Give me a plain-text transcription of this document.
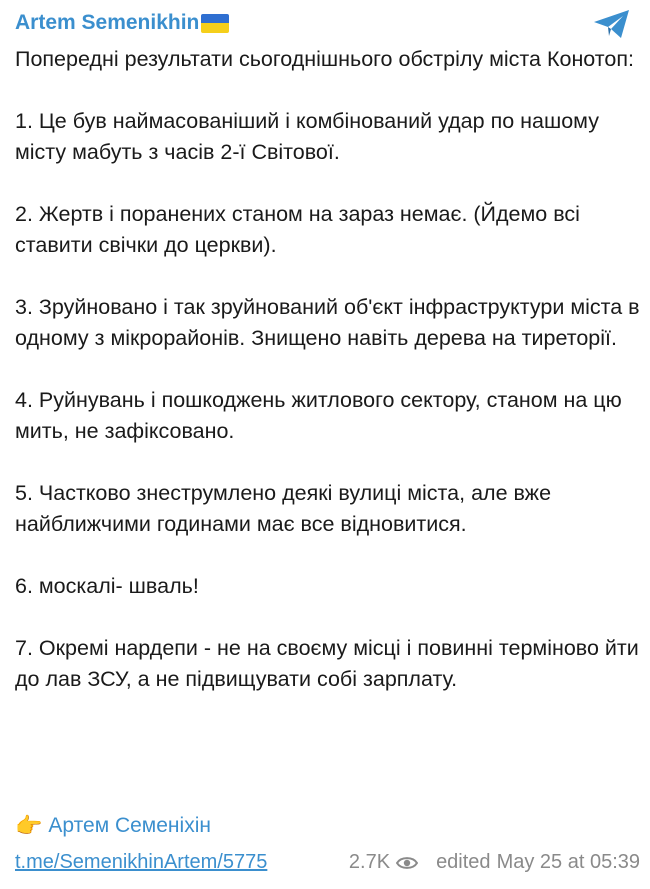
Artem Semenikhin

Попередні результати сьогоднішнього обстрілу міста Конотоп:

1. Це був наймасованіший і комбінований удар по нашому місту мабуть з часів 2-ї Світової.

2. Жертв і поранених станом на зараз немає. (Йдемо всі ставити свічки до церкви).

3. Зруйновано і так зруйнований об'єкт інфраструктури міста в одному з мікрорайонів. Знищено навіть дерева на тиреторії.

4. Руйнувань і пошкоджень житлового сектору, станом на цю мить, не зафіксовано.

5. Частково знеструмлено деякі вулиці міста, але вже найближчими годинами має все відновитися.

6. москалі- шваль!

7. Окремі нардепи - не на своєму місці і повинні терміново йти до лав ЗСУ, а не підвищувати собі зарплату.

👉 Артем Семеніхін
t.me/SemenikhinArtem/5775	2.7K edited May 25 at 05:39
